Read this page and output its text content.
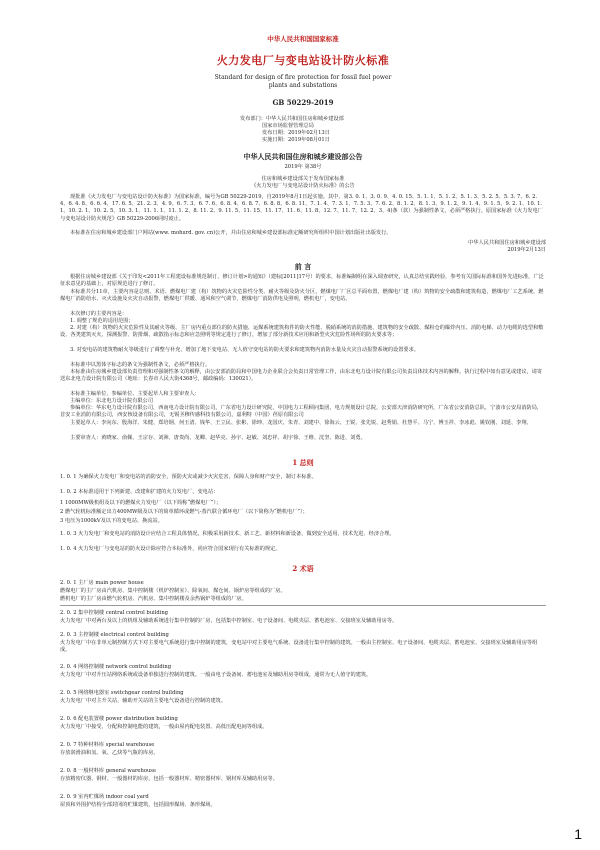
中华人民共和国国家标准
火力发电厂与变电站设计防火标准
Standard for design of fire protection for fossil fuel power
plants and substations
GB 50229-2019
发布部门：中华人民共和国住房和城乡建设部
国家市场监督管理总局
发布日期：2019年02月13日
实施日期：2019年08月01日
中华人民共和国住房和城乡建设部公告
2019年 第38号
住房和城乡建设部关于发布国家标准
《火力发电厂与变电站设计防火标准》的公告
现批准《火力发电厂与变电站设计防火标准》为国家标准，编号为GB 50229-2019，自2019年8月1日起实施。其中，第3. 0. 1、3. 0. 9、4. 0. 15、5. 1. 1、5. 1. 2、5. 1. 3、5. 2. 5、5. 3. 7、6. 2. 4、6. 4. 8、6. 6. 4、17. 6. 5、21. 2. 3、4. 9、6. 7. 3、6. 7. 6、6. 8. 4、6. 8. 7、6. 8. 8、6. 8. 11、7. 1. 4、7. 3. 1、7. 5. 3、7. 6. 2、8. 1. 2、8. 1. 3、9. 1. 2、9. 1. 4、9. 1. 5、9. 2. 1、10. 1. 1、10. 2. 1、10. 2. 5、10. 3. 1、11. 1. 1、11. 1. 2、8. 11. 2、9. 11. 5、11. 15、11. 17、11. 6、11. 8、12. 7、11. 7、12. 2、3、4)条（款）为强制性条文，必须严格执行。原国家标准《火力发电厂与变电站设计防火规范》GB 50229-2006同时废止。
本标准在住房和城乡建设部门户网站(www. mohurd. gov. cn)公开，并由住房和城乡建设部标准定额研究所组织中国计划出版社出版发行。
中华人民共和国住房和城乡建设部
2019年2月13日
前 言
根据住房城乡建设部《关于印发<2011年工程建设标准规范制订、修订计划>的通知》（建标[2011]17号）的要求，标准编制组在深入调查研究，认真总结实践经验，参考有关国际标准和国外先进标准，广泛征求意见的基础上，对原规范进行了修订。
本标准共分11章，主要内容是总则、术语、燃煤电厂建（构）筑物的火灾危险性分类、耐火等级及防火分区，燃煤电厂厂区总平面布置，燃煤电厂建（构）筑物的安全疏散和建筑构造，燃煤电厂工艺系统，燃煤电厂消防给水、灭火设施及火灾自动报警，燃煤电厂供暖、通风和空气调节，燃煤电厂消防供电及照明，燃机电厂，变电站。
本次修订的主要内容是：
1. 调整了规范的适用范围；
2. 对建（构）筑物的火灾危险性及其耐火等级、主厂房内重点部位的防火措施、运煤系统建筑构件的防火性能、脱硝系统的消防措施、建筑物的安全疏散、煤粉仓的爆炸内压、消防电梯、动力电缆的选型和敷设、各类建筑灭火、探测报警、防排烟、疏散指示标志和应急照明等规定进行了修订，增加了部分新技术应用和新型火灾危险性场所的防火要求等；
3. 对变电站的建筑物耐火等级进行了调整与补充，增加了地下变电站、无人值守变电站的防火要求和建筑物内消防水量及火灾自动报警系统的设置要求。
本标准中以黑体字标志的条文为强制性条文，必须严格执行。
本标准由住房城乡建设部负责管理和对强制性条文的解释，由公安部消防局和中国电力企业联合会负责日常管理工作，由东北电力设计院有限公司负责具体技术内容的解释。执行过程中如有意见或建议，请寄送东北电力设计院有限公司（地址：长春市人民大街4368号，邮政编码：130021）。
本标准主编单位、参编单位、主要起草人和主要审查人：
主编单位：东北电力设计院有限公司
参编单位：华东电力设计院有限公司，西南电力设计院有限公司，广东省电力设计研究院，中国电力工程顾问集团，电力规划设计总院，公安部天津消防研究所，广东省公安消防总队，宁波市公安局消防局，首安工业消防有限公司，西安核设备有限公司，无锡圣穆传感科技有限公司，嘉利特（中国）荏原有限公司
主要起草人：李向东、殷海洋、朱健、郑培钢、何玉清、钱华、王立民、张彬、徐坤、龙国庆、朱青、刘建中、徐海云、王锐、张先锐、赵秀娟、杜慧平、马宁、傅玉祥、李冰彪、姚钦刚、刘延、李翔、
主要审查人：黄晓家、俞佩、王宗存、刘洲、唐贵尚、龙卿、赵华亮、孙宇、赵敏、刘忠祥、胡宇徐、王维、沈坚、陈进、刘勇。
1 总则
1. 0. 1 为确保火力发电厂和变电站的消防安全，预防火灾或减少火灾危害，保障人身和财产安全，制订本标准。
1. 0. 2 本标准适用于下列新建、改建和扩建的火力发电厂，变电站：
1 1000MW级机组及以下的燃煤火力发电厂（以下简称“燃煤电厂”）；
2 燃气轮机标准额定出力400MW级及以下的简单循环或燃气-蒸汽联合循环电厂（以下简称为“燃机电厂”）；
3 电压为1000kV及以下的变电站、换流站。
1. 0. 3 火力发电厂和变电站的消防设计应结合工程具体情况，积极采用新技术、新工艺、新材料和新设备，做到安全适用、技术先进、经济合理。
1. 0. 4 火力发电厂与变电站的防火设计除应符合本标准外，尚应符合国家现行有关标准的规定。
2 术语
2. 0. 1 主厂房 main power house
燃煤电厂的主厂房由汽机房、集中控制楼（机炉控制室）、除氧间、煤仓间、锅炉房等组成的厂房。
燃机电厂的主厂房由燃气轮机房、汽机房、集中控制楼及余热锅炉等组成的厂房。
2. 0. 2 集中控制楼 central control building
火力发电厂中对两台及以上的机组及辅助系统进行集中控制的厂房，包括集中控制室、电子设备间、电缆夹层、蓄电池室、交接班室及辅助用房等。
2. 0. 3 主控制楼 electrical control building
火力发电厂中在非单元制控制方式下对主要电气系统进行集中控制的建筑，变电站中对主要电气系统、设备进行集中控制的建筑。一般由主控制室、电子设备间、电缆夹层、蓄电池室、交接班室及辅助用房等组成。
2. 0. 4 网络控制楼 network control building
火力发电厂中对升压站网络系统或设备单独进行控制的建筑。一般由电子设备间、蓄电池室及辅助用房等组成，通常为无人值守的建筑。
2. 0. 5 网络继电器室 switchgear control building
火力发电厂中对主升关站、辅助开关站的主要电气设备进行控制的建筑。
2. 0. 6 配电装置楼 power distribution building
火力发电厂中接受、分配和控制电能的建筑，一般由屋内配电装置、高低压配电间等组成。
2. 0. 7 特种材料库 special warehouse
存放润滑油和氢、氧、乙炔等气瓶的库房。
2. 0. 8 一般材料库 general warehouse
存放精密仪器、钢材、一般器材的库房，包括一般器材库、精密器材库、钢材库及辅助用房等。
2. 0. 9 室内贮煤场 indoor coal yard
屋顶和外围护结构全部封闭的贮煤建筑，包括圆形煤场、条形煤场。
1
